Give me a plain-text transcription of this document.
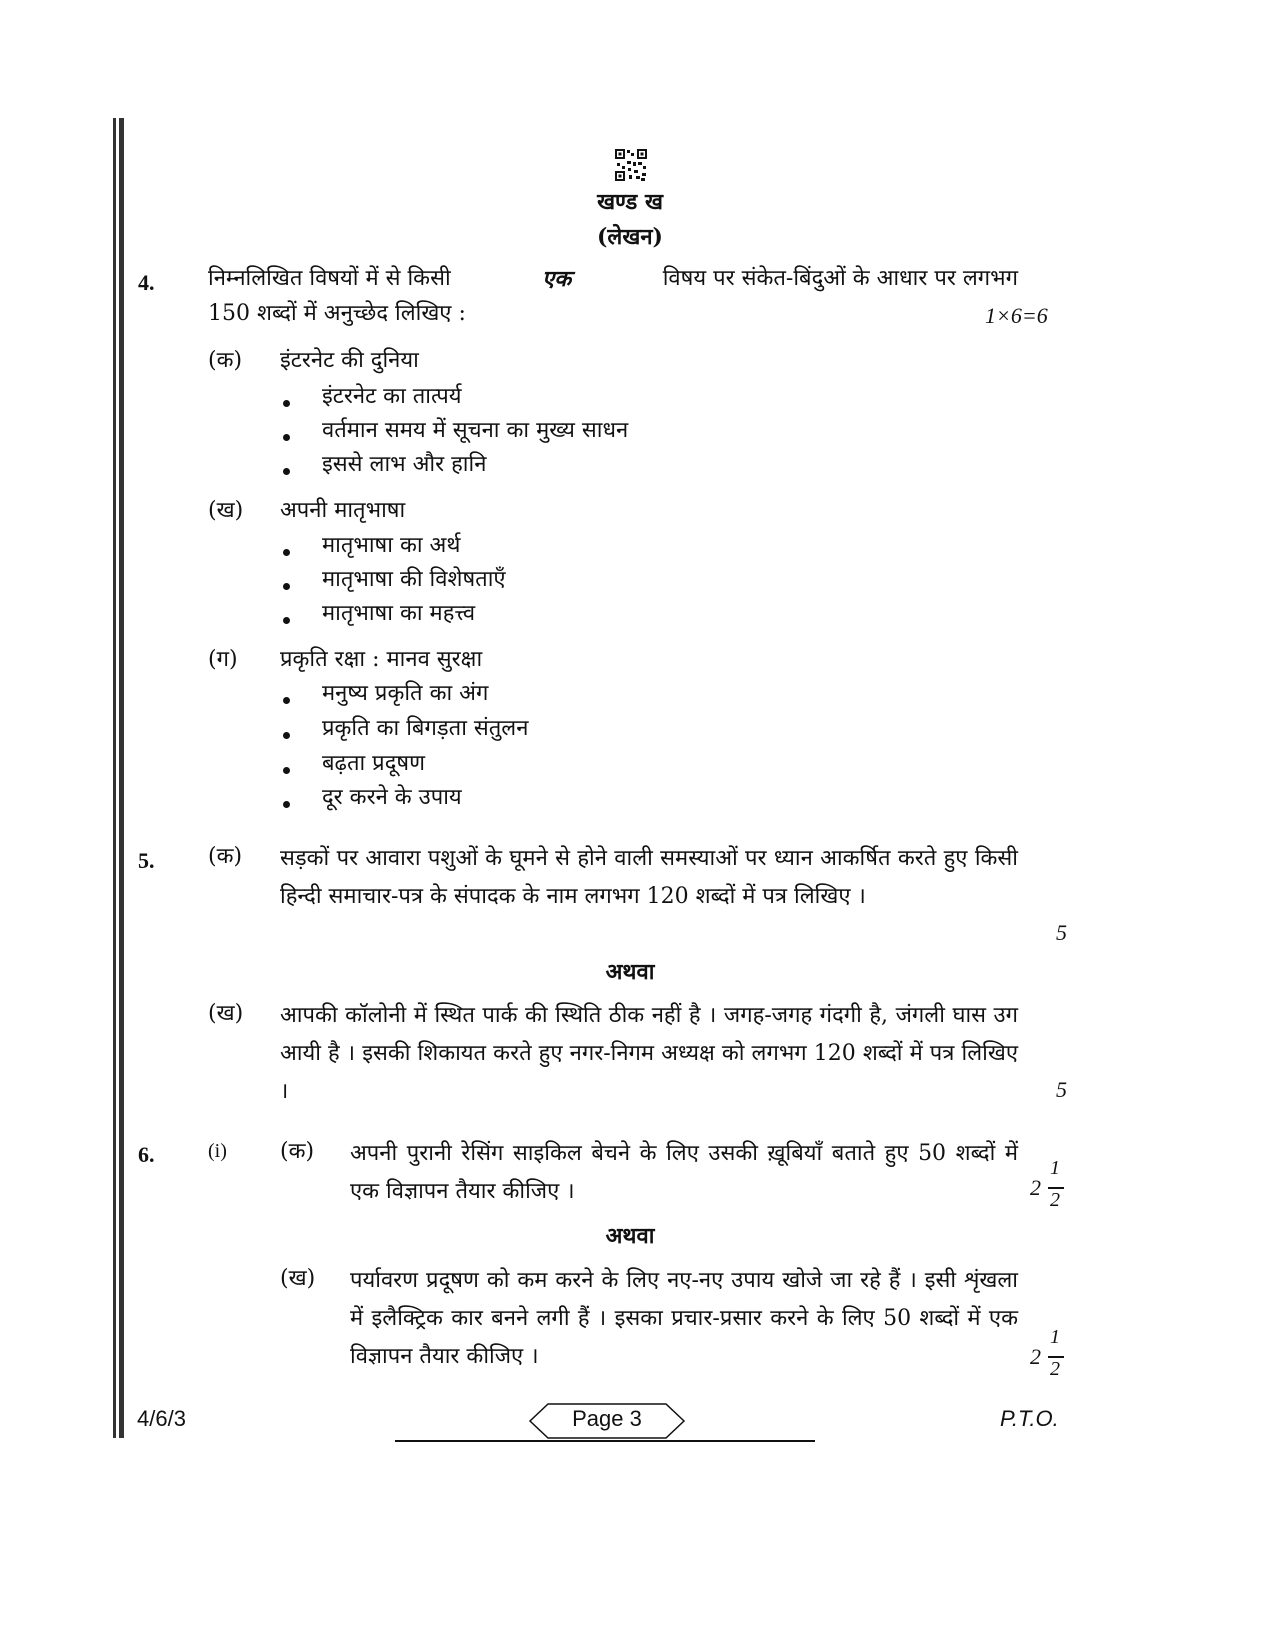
खण्ड ख
(लेखन)
4. निम्नलिखित विषयों में से किसी	एक	विषय पर संकेत-बिंदुओं के आधार पर लगभग
150 शब्दों में अनुच्छेद लिखिए :	1×6=6
(क) इंटरनेट की दुनिया
इंटरनेट का तात्पर्य
वर्तमान समय में सूचना का मुख्य साधन
इससे लाभ और हानि
(ख) अपनी मातृभाषा
मातृभाषा का अर्थ
मातृभाषा की विशेषताएँ
मातृभाषा का महत्त्व
(ग) प्रकृति रक्षा : मानव सुरक्षा
मनुष्य प्रकृति का अंग
प्रकृति का बिगड़ता संतुलन
बढ़ता प्रदूषण
दूर करने के उपाय
5. (क) सड़कों पर आवारा पशुओं के घूमने से होने वाली समस्याओं पर ध्यान आकर्षित करते हुए किसी हिन्दी समाचार-पत्र के संपादक के नाम लगभग 120 शब्दों में पत्र लिखिए ।
5
अथवा
(ख) आपकी कॉलोनी में स्थित पार्क की स्थिति ठीक नहीं है । जगह-जगह गंदगी है, जंगली घास उग आयी है । इसकी शिकायत करते हुए नगर-निगम अध्यक्ष को लगभग 120 शब्दों में पत्र लिखिए ।	5
6.	(i) (क) अपनी पुरानी रेसिंग साइकिल बेचने के लिए उसकी ख़ूबियाँ बताते हुए 50 शब्दों में एक विज्ञापन तैयार कीजिए ।	2
1
2
अथवा
(ख) पर्यावरण प्रदूषण को कम करने के लिए नए-नए उपाय खोजे जा रहे हैं । इसी शृंखला में इलैक्ट्रिक कार बनने लगी हैं । इसका प्रचार-प्रसार करने के लिए 50 शब्दों में एक विज्ञापन तैयार कीजिए ।	2
1
2
4/6/3	Page 3	P.T.O.
